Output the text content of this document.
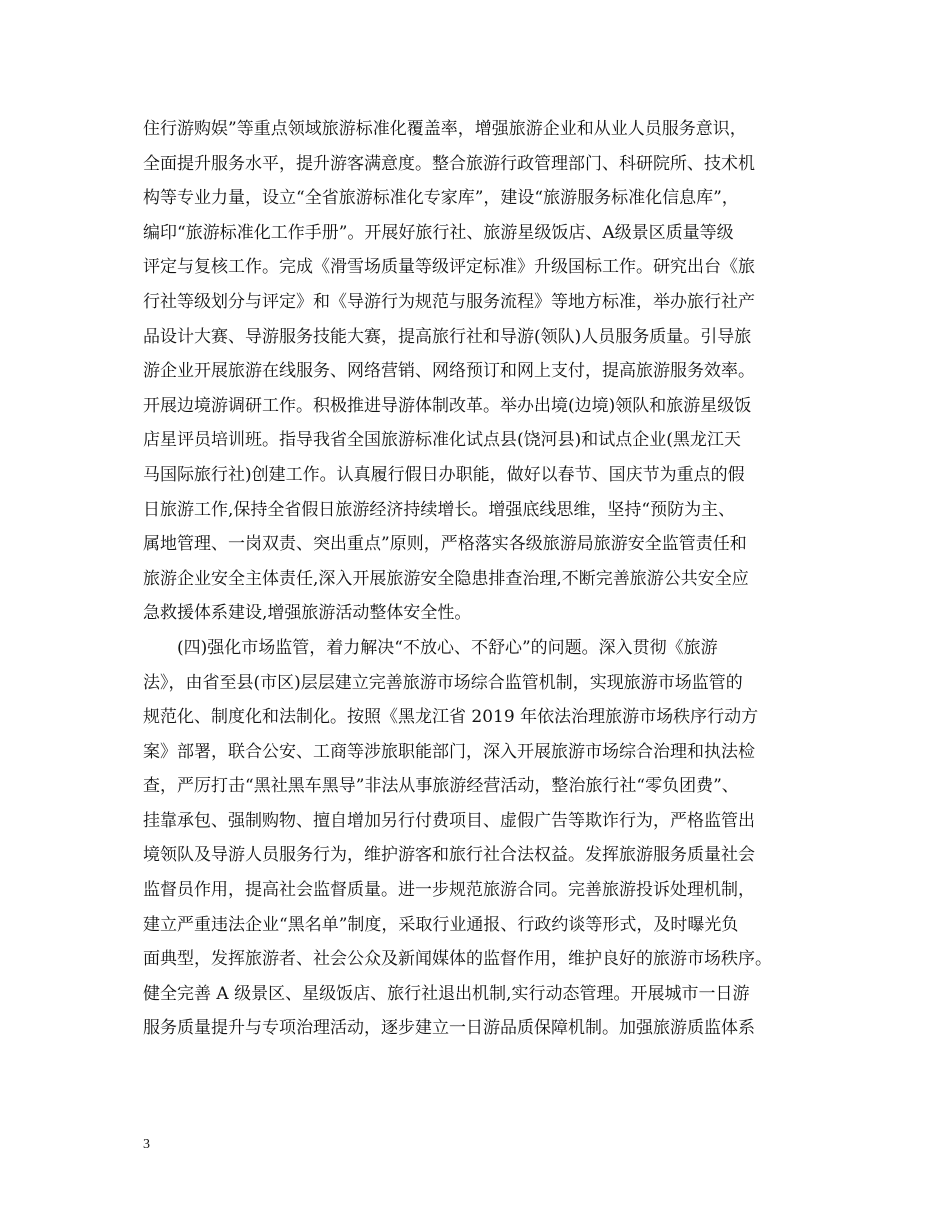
住行游购娱”等重点领域旅游标准化覆盖率，增强旅游企业和从业人员服务意识，
全面提升服务水平，提升游客满意度。整合旅游行政管理部门、科研院所、技术机
构等专业力量，设立“全省旅游标准化专家库”，建设“旅游服务标准化信息库”，
编印“旅游标准化工作手册”。开展好旅行社、旅游星级饭店、A级景区质量等级
评定与复核工作。完成《滑雪场质量等级评定标准》升级国标工作。研究出台《旅
行社等级划分与评定》和《导游行为规范与服务流程》等地方标准，举办旅行社产
品设计大赛、导游服务技能大赛，提高旅行社和导游(领队)人员服务质量。引导旅
游企业开展旅游在线服务、网络营销、网络预订和网上支付，提高旅游服务效率。
开展边境游调研工作。积极推进导游体制改革。举办出境(边境)领队和旅游星级饭
店星评员培训班。指导我省全国旅游标准化试点县(饶河县)和试点企业(黑龙江天
马国际旅行社)创建工作。认真履行假日办职能，做好以春节、国庆节为重点的假
日旅游工作,保持全省假日旅游经济持续增长。增强底线思维，坚持“预防为主、
属地管理、一岗双责、突出重点”原则，严格落实各级旅游局旅游安全监管责任和
旅游企业安全主体责任,深入开展旅游安全隐患排查治理,不断完善旅游公共安全应
急救援体系建设,增强旅游活动整体安全性。
(四)强化市场监管，着力解决“不放心、不舒心”的问题。深入贯彻《旅游
法》，由省至县(市区)层层建立完善旅游市场综合监管机制，实现旅游市场监管的
规范化、制度化和法制化。按照《黑龙江省 2019 年依法治理旅游市场秩序行动方
案》部署，联合公安、工商等涉旅职能部门，深入开展旅游市场综合治理和执法检
查，严厉打击“黑社黑车黑导”非法从事旅游经营活动，整治旅行社“零负团费”、
挂靠承包、强制购物、擅自增加另行付费项目、虚假广告等欺诈行为，严格监管出
境领队及导游人员服务行为，维护游客和旅行社合法权益。发挥旅游服务质量社会
监督员作用，提高社会监督质量。进一步规范旅游合同。完善旅游投诉处理机制，
建立严重违法企业“黑名单”制度，采取行业通报、行政约谈等形式，及时曝光负
面典型，发挥旅游者、社会公众及新闻媒体的监督作用，维护良好的旅游市场秩序。
健全完善 A 级景区、星级饭店、旅行社退出机制,实行动态管理。开展城市一日游
服务质量提升与专项治理活动，逐步建立一日游品质保障机制。加强旅游质监体系
3
